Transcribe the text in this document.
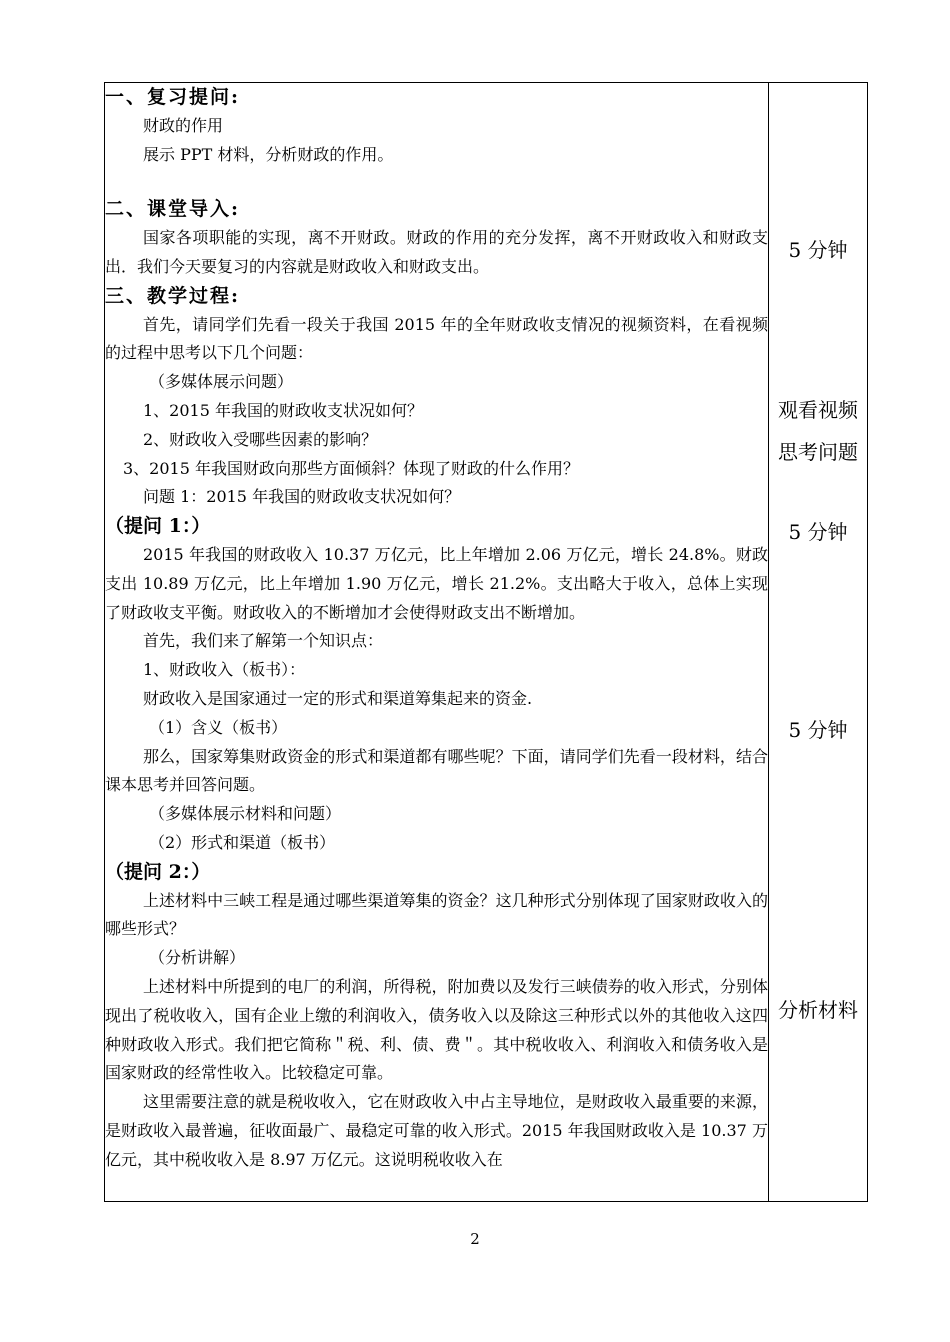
一、复习提问:

财政的作用

展示 PPT 材料，分析财政的作用。

二、课堂导入:

国家各项职能的实现，离不开财政。财政的作用的充分发挥，离不开财政收入和财政支出．我们今天要复习的内容就是财政收入和财政支出。

三、教学过程:

首先，请同学们先看一段关于我国 2015 年的全年财政收支情况的视频资料，在看视频的过程中思考以下几个问题：

（多媒体展示问题）

1、2015 年我国的财政收支状况如何？

2、财政收入受哪些因素的影响？

3、2015 年我国财政向那些方面倾斜？体现了财政的什么作用？

问题 1：2015 年我国的财政收支状况如何？

（提问 1：）

2015 年我国的财政收入 10.37 万亿元，比上年增加 2.06 万亿元，增长 24.8%。财政支出 10.89 万亿元，比上年增加 1.90 万亿元，增长 21.2%。支出略大于收入，总体上实现了财政收支平衡。财政收入的不断增加才会使得财政支出不断增加。

首先，我们来了解第一个知识点：

1、财政收入（板书）：

财政收入是国家通过一定的形式和渠道筹集起来的资金.

（1）含义（板书）

那么，国家筹集财政资金的形式和渠道都有哪些呢？下面，请同学们先看一段材料，结合课本思考并回答问题。

（多媒体展示材料和问题）

（2）形式和渠道（板书）

（提问 2：）

上述材料中三峡工程是通过哪些渠道筹集的资金？这几种形式分别体现了国家财政收入的哪些形式？

（分析讲解）

上述材料中所提到的电厂的利润，所得税，附加费以及发行三峡债券的收入形式，分别体现出了税收收入，国有企业上缴的利润收入，债务收入以及除这三种形式以外的其他收入这四种财政收入形式。我们把它简称＂税、利、债、费＂。其中税收收入、利润收入和债务收入是国家财政的经常性收入。比较稳定可靠。

这里需要注意的就是税收收入，它在财政收入中占主导地位，是财政收入最重要的来源，是财政收入最普遍，征收面最广、最稳定可靠的收入形式。2015 年我国财政收入是 10.37 万亿元，其中税收收入是 8.97 万亿元。这说明税收收入在

5 分钟
观看视频
思考问题
5 分钟
5 分钟
分析材料
2
